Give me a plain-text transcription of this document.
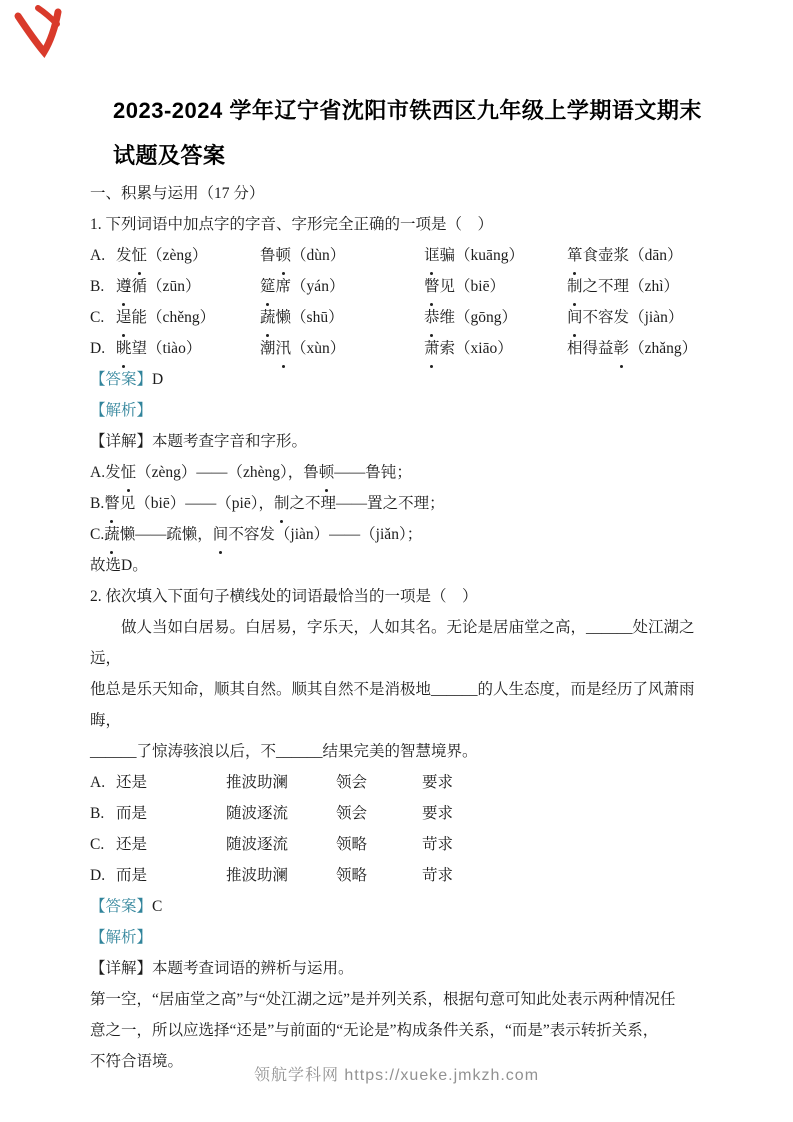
2023-2024 学年辽宁省沈阳市铁西区九年级上学期语文期末
试题及答案
一、积累与运用（17 分）
1. 下列词语中加点字的字音、字形完全正确的一项是（　）
A. 发怔（zèng）	鲁顿（dùn）	诓骗（kuāng）	箪食壶浆（dān）
B. 遵循（zūn）	筵席（yán）	瞥见（biē）	制之不理（zhì）
C. 逞能（chěng）	蔬懒（shū）	恭维（gōng）	间不容发（jiàn）
D. 眺望（tiào）	潮汛（xùn）	萧索（xiāo）	相得益彰（zhǎng）
【答案】D
【解析】
【详解】本题考查字音和字形。
A.发怔（zèng）——（zhèng），鲁顿——鲁钝；
B.瞥见（biē）——（piē），制之不理——置之不理；
C.蔬懒——疏懒，间不容发（jiàn）——（jiǎn）；
故选D。
2. 依次填入下面句子横线处的词语最恰当的一项是（　）
做人当如白居易。白居易，字乐天，人如其名。无论是居庙堂之高，______处江湖之远，
他总是乐天知命，顺其自然。顺其自然不是消极地______的人生态度，而是经历了风萧雨晦，
______了惊涛骇浪以后，不______结果完美的智慧境界。
A. 还是	推波助澜	领会	要求
B. 而是	随波逐流	领会	要求
C. 还是	随波逐流	领略	苛求
D. 而是	推波助澜	领略	苛求
【答案】C
【解析】
【详解】本题考查词语的辨析与运用。
第一空，“居庙堂之高”与“处江湖之远”是并列关系，根据句意可知此处表示两种情况任
意之一，所以应选择“还是”与前面的“无论是”构成条件关系，“而是”表示转折关系，
不符合语境。
领航学科网 https://xueke.jmkzh.com
